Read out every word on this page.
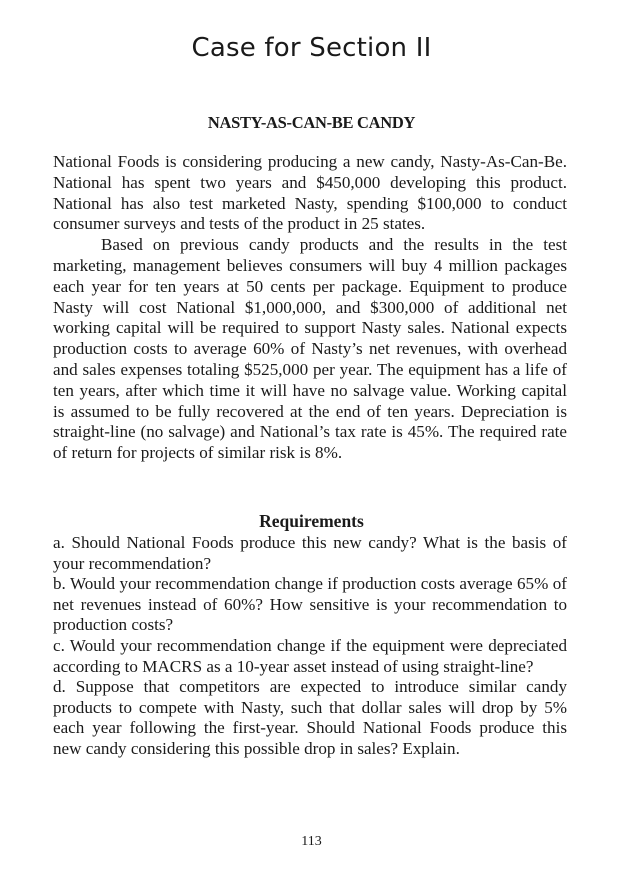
Case for Section II
NASTY-AS-CAN-BE CANDY

National Foods is considering producing a new candy, Nasty-As-Can-Be. National has spent two years and $450,000 developing this product. National has also test marketed Nasty, spending $100,000 to conduct consumer surveys and tests of the product in 25 states.

Based on previous candy products and the results in the test marketing, management believes consumers will buy 4 million packages each year for ten years at 50 cents per package. Equipment to produce Nasty will cost National $1,000,000, and $300,000 of additional net working capital will be required to support Nasty sales. National expects production costs to average 60% of Nasty’s net revenues, with overhead and sales expenses totaling $525,000 per year. The equipment has a life of ten years, after which time it will have no salvage value. Working capital is assumed to be fully recovered at the end of ten years. Depreciation is straight-line (no salvage) and National’s tax rate is 45%. The required rate of return for projects of similar risk is 8%.

Requirements

a. Should National Foods produce this new candy? What is the basis of your recommendation?

b. Would your recommendation change if production costs average 65% of net revenues instead of 60%? How sensitive is your recommendation to production costs?

c. Would your recommendation change if the equipment were depreciated according to MACRS as a 10-year asset instead of using straight-line?

d. Suppose that competitors are expected to introduce similar candy products to compete with Nasty, such that dollar sales will drop by 5% each year following the first-year. Should National Foods produce this new candy considering this possible drop in sales? Explain.

113
